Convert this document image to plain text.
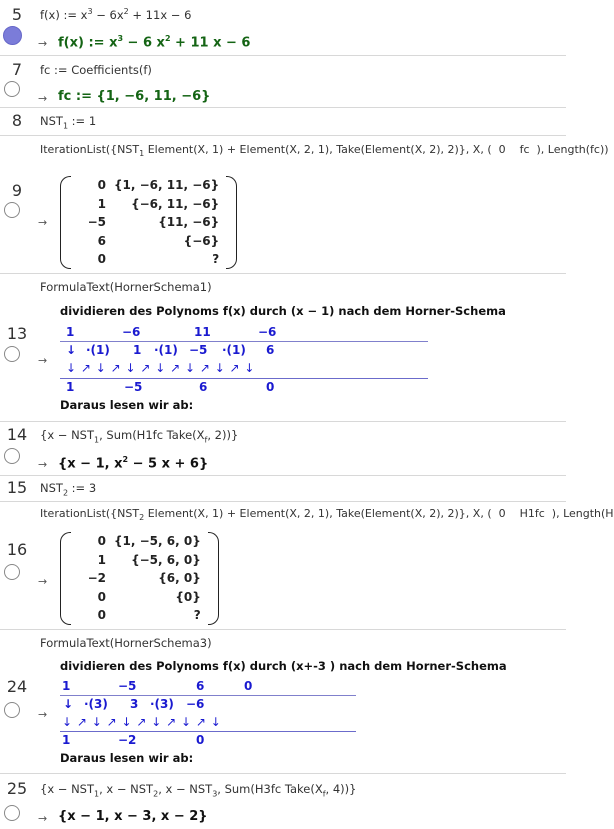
5	f(x) := $x^3 - 6x^2 + 11x - 6$
→ f(x) := $x^3 - 6$ $x^2 + 11$ x − 6
7	fc := Coefficients(f)
→ fc := {1, −6, 11, −6}
8	$NST_1$ := 1
$IterationList(\{NST_1$ Element(X, 1) + Element(X, 2, 1), Take(Element(X, 2), 2)}, X, (  0    fc  ), Length(fc))
9
→
0	{1, −6, 11, −6}
1	{−6, 11, −6}
−5	{11, −6}
6	{−6}
0	?
FormulaText(HornerSchema1)
13
→
dividieren des Polynoms f(x) durch (x − 1) nach dem Horner-Schema
1	−6	11	−6
↓ ·(1) 1 ·(1) −5 ·(1) 6
↓ ↗ ↓ ↗ ↓ ↗ ↓ ↗ ↓ ↗ ↓ ↗ ↓
1	−5	6	0
Daraus lesen wir ab:
14	{$x - NST_1$, Sum(H1fc $Take(X_f$, 2))}
→ {x − 1, $x^2 - 5$ x + 6}
15	$NST_2$ := 3
$IterationList(\{NST_2$ Element(X, 1) + Element(X, 2, 1), Take(Element(X, 2), 2)}, X, (  0    H1fc  ), Length(H
16
→
0	{1, −5, 6, 0}
1	{−5, 6, 0}
−2	{6, 0}
0	{0}
0	?
FormulaText(HornerSchema3)
24
→
dividieren des Polynoms f(x) durch (x+-3 ) nach dem Horner-Schema
1	−5	6	0
↓ ·(3) 3 ·(3) −6
↓ ↗ ↓ ↗ ↓ ↗ ↓ ↗ ↓ ↗ ↓
1	−2	0
Daraus lesen wir ab:
25	{$x - NST_1$, $x - NST_2$, $x - NST_3$, Sum(H3fc $Take(X_f$, 4))}
→ {x − 1, x − 3, x − 2}
